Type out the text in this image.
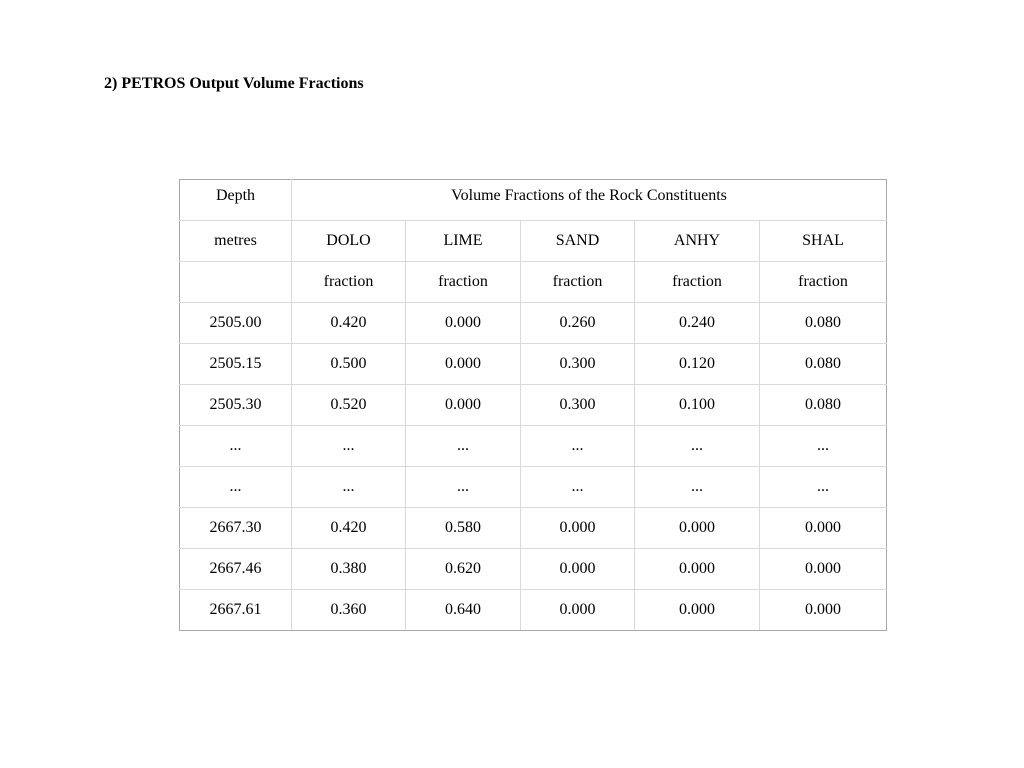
2) PETROS Output Volume Fractions
Depth	Volume Fractions of the Rock Constituents				
metres	DOLO	LIME	SAND	ANHY	SHAL
	fraction	fraction	fraction	fraction	fraction
2505.00	0.420	0.000	0.260	0.240	0.080
2505.15	0.500	0.000	0.300	0.120	0.080
2505.30	0.520	0.000	0.300	0.100	0.080
...	...	...	...	...	...
...	...	...	...	...	...
2667.30	0.420	0.580	0.000	0.000	0.000
2667.46	0.380	0.620	0.000	0.000	0.000
2667.61	0.360	0.640	0.000	0.000	0.000
